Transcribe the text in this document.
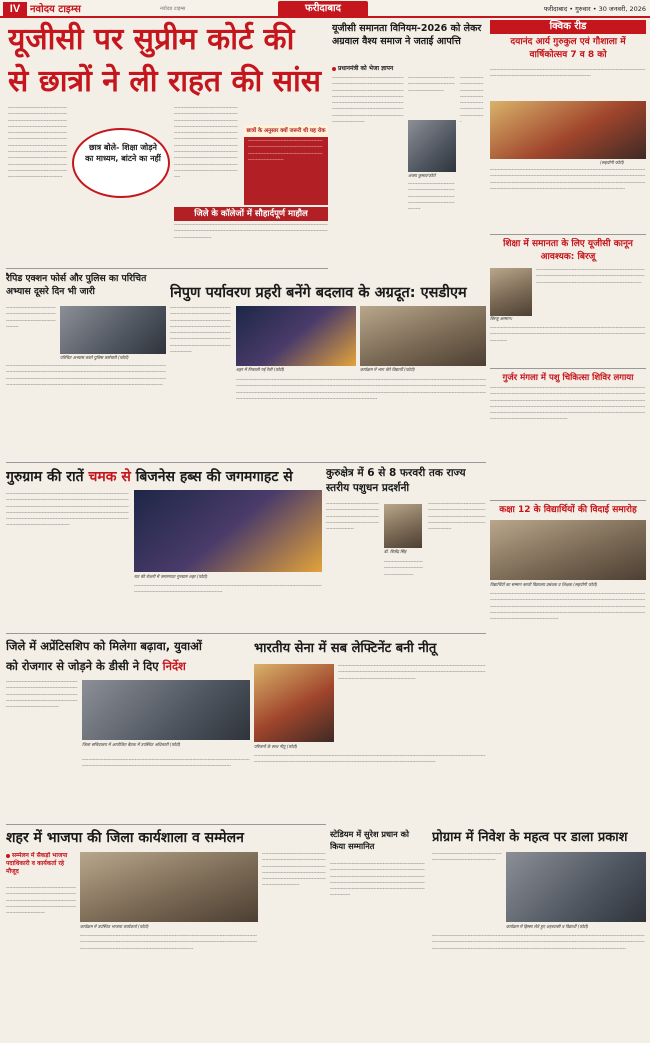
IV नवोदय टाइम्स	नवोदय टाइम्स	फरीदाबाद	फरीदाबाद • गुरुवार • 30 जनवरी, 2026
यूजीसी पर सुप्रीम कोर्ट की
से छात्रों ने ली राहत की सांस
---------------------------------------------------------------------------------------------------------------------------------------------------------------------------------------------------------------------------------------------------------------------------------------------------------------------------------------------------------------------------------------------------------------------------------------------------------------------
छात्र बोले- शिक्षा जोड़ने का माध्यम, बांटने का नहीं
-----------------------------------------------------------------------------------------------------------------------------------------------------------------------------------------------------------------------------------------------------------------------------------------------------------------------------------------------------------------------------------------------------------------------------------------------------------------------
छात्रों के अनुसार क्यों जरूरी थी यह रोक
-----------------------------------------------------------------------------------------------------------------------------------------------------------------------
जिले के कॉलेजों में सौहार्दपूर्ण माहौल
------------------------------------------------------------------------------------------------------------------------------------------------------------------------------------------------------------------------------
यूजीसी समानता विनियम-2026 को लेकर अग्रवाल वैश्य समाज ने जताई आपत्ति
प्रधानमंत्री को भेजा ज्ञापन
-------------------------------------------------------------------------------------------------------------------------------------------------------------------------------------------------------------------------------------------------------------------------------------------------------------------------------------------------------
अजय कुमार/फोटो
-----------------------------------------------------------------------------------
--------------------------------------------------------------------------------------------------------------------------------
----------------------------------------------------------------------------------------------------------
क्विक रीड
दयानंद आर्य गुरुकुल एवं गौशाला में वार्षिकोत्सव 7 व 8 को
---------------------------------------------------------------------------------------------------------------------------------------------------------------------
(सहयोगी फोटो)
---------------------------------------------------------------------------------------------------------------------------------------------------------------------------------------------------------------------------------------------------------------------------------------------------------------------------------------------------------------------------------------------------
शिक्षा में समानता के लिए यूजीसी कानून आवश्यक: बिरजू
बिरजू अरमान।
----------------------------------------------------------------------------------------------------------------------------------------------------------------------------------------------------------------
-------------------------------------------------------------------------------------------------------------------------------------------------------------------------------------------------------------------
गुर्जर मंगला में पशु चिकित्सा शिविर लगाया
----------------------------------------------------------------------------------------------------------------------------------------------------------------------------------------------------------------------------------------------------------------------------------------------------------------------------------------------------------------------------------------------------------------------------------------------------------------------------------------------------------------------------------------------------------------------
कक्षा 12 के विद्यार्थियों की विदाई समारोह
विद्यार्थियों का सम्मान करती विद्यालय प्रबंधक व शिक्षक (सहयोगी फोटो)
------------------------------------------------------------------------------------------------------------------------------------------------------------------------------------------------------------------------------------------------------------------------------------------------------------------------------------------------------------------------------------------------------------------------------------------------------------
रैपिड एक्शन फोर्स और पुलिस का परिचित अभ्यास दूसरे दिन भी जारी
--------------------------------------------------------------------------------------------------------
परिचित अभ्यास करते पुलिस कर्मचारी (फोटो)
--------------------------------------------------------------------------------------------------------------------------------------------------------------------------------------------------------------------------------------------------------------------------------------------------------------------------------------------------------------------------------------------------------------------------
निपुण पर्यावरण प्रहरी बनेंगे बदलाव के अग्रदूत: एसडीएम
-----------------------------------------------------------------------------------------------------------------------------------------------------------------------------------------------------------------------------------------------------------------------------------------------
शहर में निकाली गई रैली (फोटो)	कार्यक्रम में भाग लेते विद्यार्थी (फोटो)
----------------------------------------------------------------------------------------------------------------------------------------------------------------------------------------------------------------------------------------------------------------------------------------------------------------------------------------------------------------------------------------------------------------------------------------------------------------------------------------------------------------------------------------------------------------------------------------------
गुरुग्राम की रातें चमक से बिजनेस हब्स की जगमगाहट से
----------------------------------------------------------------------------------------------------------------------------------------------------------------------------------------------------------------------------------------------------------------------------------------------------------------------------------------------------------------------------------------------------------------------------------------------------
रात की रोशनी में जगमगाता गुरुग्राम शहर (फोटो)
----------------------------------------------------------------------------------------------------------------------------------------------------------------------------------
कुरुक्षेत्र में 6 से 8 फरवरी तक राज्य स्तरीय पशुधन प्रदर्शनी
----------------------------------------------------------------------------------------------------------------------------------------------------------
डॉ. बिजेंद्र सिंह
-------------------------------------------------------------------------------------------------------------------------------------------------------------------
---------------------------------------------------------------------
जिले में अप्रेंटिसशिप को मिलेगा बढ़ावा, युवाओं
को रोजगार से जोड़ने के डीसी ने दिए निर्देश
--------------------------------------------------------------------------------------------------------------------------------------------------------------------------------------------------------------------------
जिला सचिवालय में आयोजित बैठक में उपस्थित अधिकारी (फोटो)
------------------------------------------------------------------------------------------------------------------------------------------------------------------------------------------------------------
भारतीय सेना में सब लेफ्टिनेंट बनी नीतू
परिजनों के साथ नीतू (फोटो)
------------------------------------------------------------------------------------------------------------------------------------------------------------------------------------------------------------------------------------------------
--------------------------------------------------------------------------------------------------------------------------------------------------------------------------------------------------------------------------------------------------------------------------
शहर में भाजपा की जिला कार्यशाला व सम्मेलन
सम्मेलन में सैकड़ों भाजपा पदाधिकारी व कार्यकर्ता रहे मौजूद
-------------------------------------------------------------------------------------------------------------------------------------------------------------------------------------------------------------
कार्यक्रम में उपस्थित भाजपा कार्यकर्ता (फोटो)
-------------------------------------------------------------------------------------------------------------------------------------------------------------------------------------------------------------------------------------------------------------------------------------------------------------
-------------------------------------------------------------------------------------------------------------------------------------------------------------------------------------------------------------------------------------
स्टेडियम में सुरेश प्रधान को किया सम्मानित
------------------------------------------------------------------------------------------------------------------------------------------------------------------------------------------------------------------------------------------------------------------------------------------------------------------------------
प्रोग्राम में निवेश के महत्व पर डाला प्रकाश
--------------------------------------------------------------------------------------
कार्यक्रम में हिस्सा लेते हुए शहरवासी व विद्यार्थी (फोटो)
---------------------------------------------------------------------------------------------------------------------------------------------------------------------------------------------------------------------------------------------------------------------------------------------------------------------------------------------------------------------------------------------------------------
